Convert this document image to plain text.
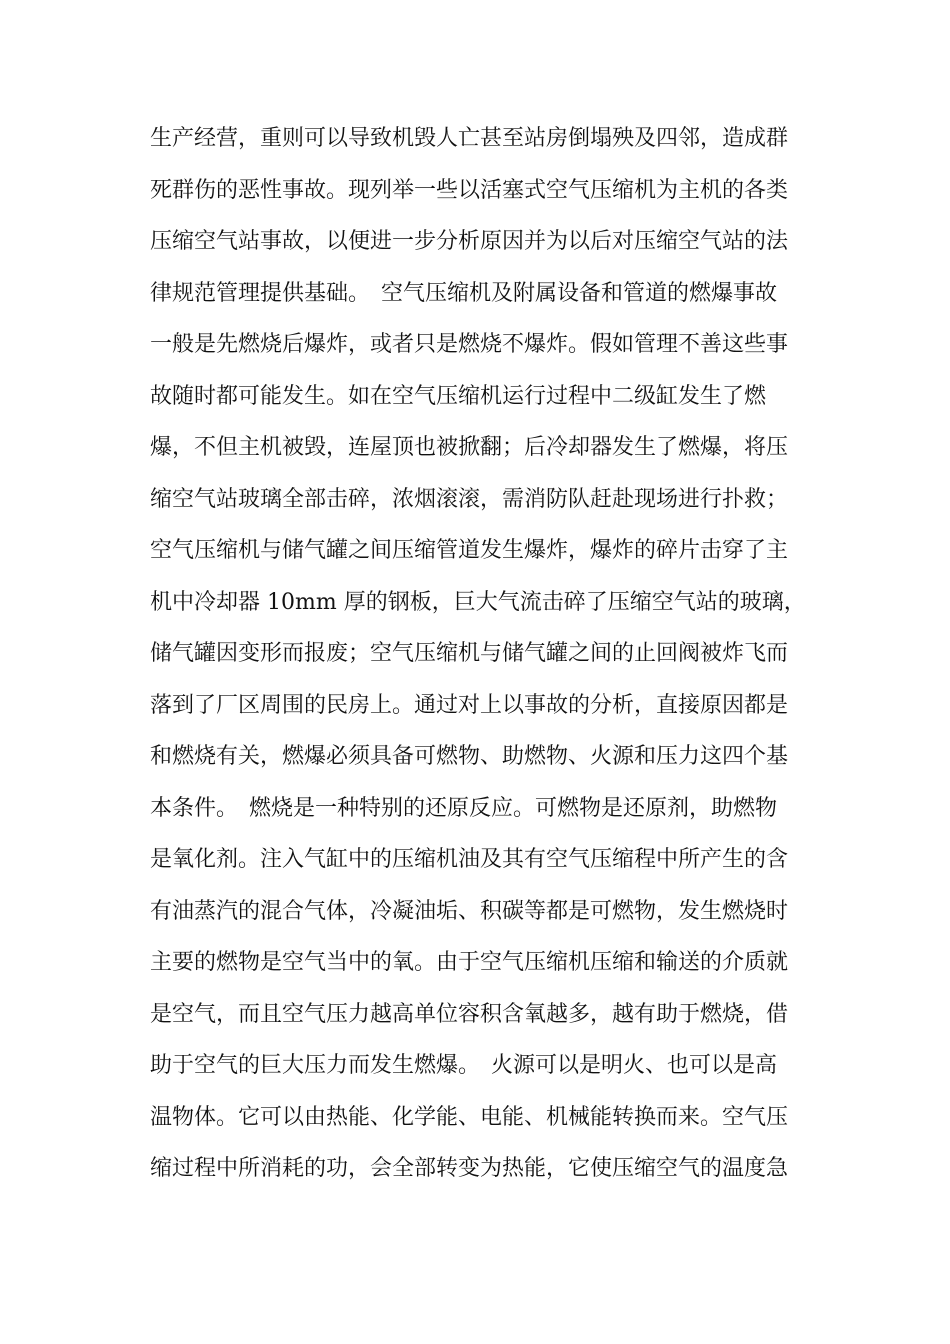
生产经营，重则可以导致机毁人亡甚至站房倒塌殃及四邻，造成群
死群伤的恶性事故。现列举一些以活塞式空气压缩机为主机的各类
压缩空气站事故，以便进一步分析原因并为以后对压缩空气站的法
律规范管理提供基础。　空气压缩机及附属设备和管道的燃爆事故
一般是先燃烧后爆炸，或者只是燃烧不爆炸。假如管理不善这些事
故随时都可能发生。如在空气压缩机运行过程中二级缸发生了燃
爆，不但主机被毁，连屋顶也被掀翻；后冷却器发生了燃爆，将压
缩空气站玻璃全部击碎，浓烟滚滚，需消防队赶赴现场进行扑救；
空气压缩机与储气罐之间压缩管道发生爆炸，爆炸的碎片击穿了主
机中冷却器 10mm 厚的钢板，巨大气流击碎了压缩空气站的玻璃，
储气罐因变形而报废；空气压缩机与储气罐之间的止回阀被炸飞而
落到了厂区周围的民房上。通过对上以事故的分析，直接原因都是
和燃烧有关，燃爆必须具备可燃物、助燃物、火源和压力这四个基
本条件。　燃烧是一种特别的还原反应。可燃物是还原剂，助燃物
是氧化剂。注入气缸中的压缩机油及其有空气压缩程中所产生的含
有油蒸汽的混合气体，冷凝油垢、积碳等都是可燃物，发生燃烧时
主要的燃物是空气当中的氧。由于空气压缩机压缩和输送的介质就
是空气，而且空气压力越高单位容积含氧越多，越有助于燃烧，借
助于空气的巨大压力而发生燃爆。　火源可以是明火、也可以是高
温物体。它可以由热能、化学能、电能、机械能转换而来。空气压
缩过程中所消耗的功，会全部转变为热能，它使压缩空气的温度急
